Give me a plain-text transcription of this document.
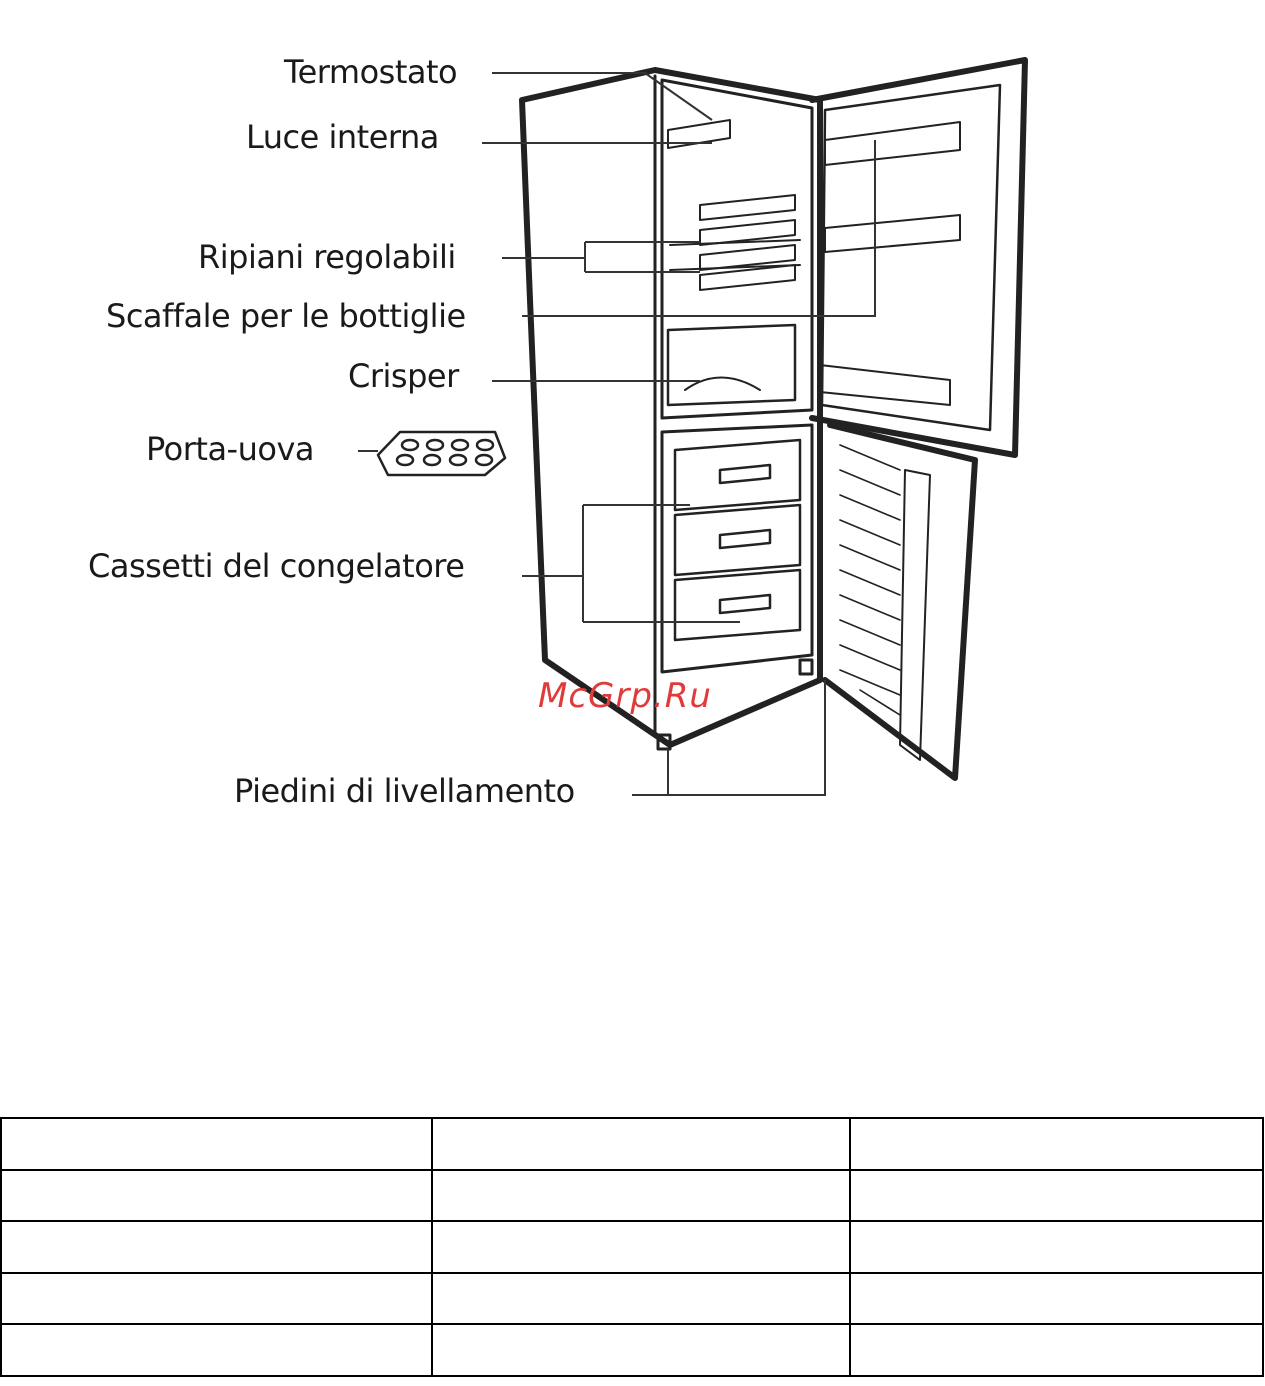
Termostato
Luce interna
Ripiani regolabili
Scaffale per le bottiglie
Crisper
Porta-uova
Cassetti del congelatore
Piedini di livellamento
McGrp.Ru
